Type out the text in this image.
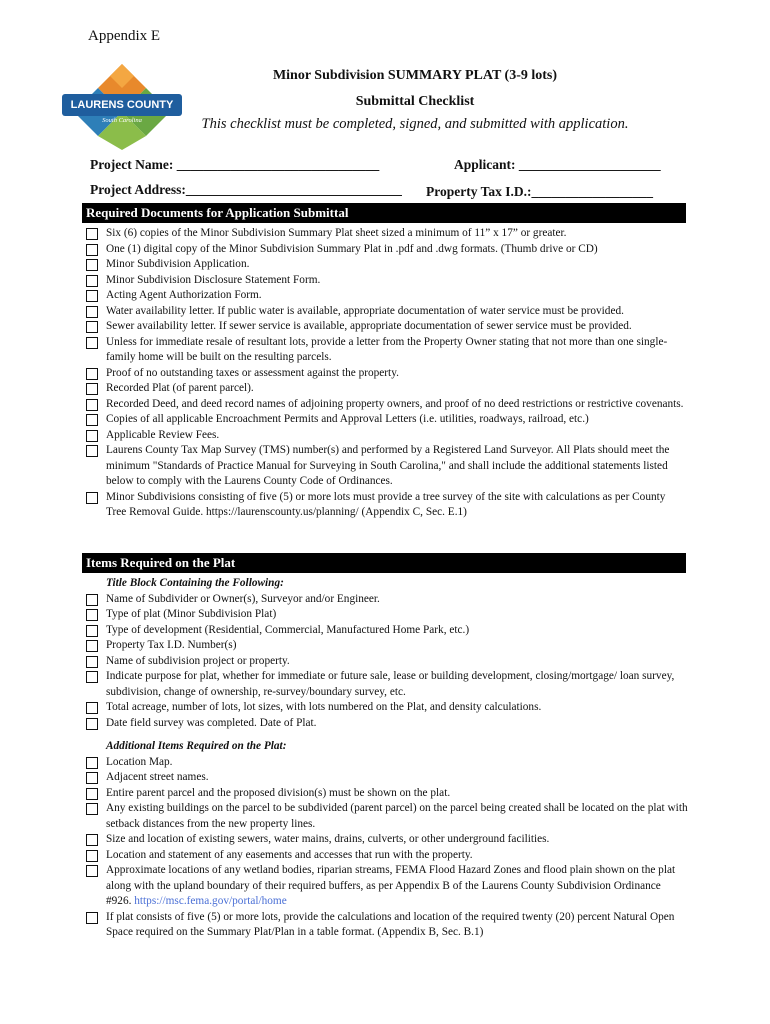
Appendix E
LAURENS COUNTY
South Carolina

Minor Subdivision SUMMARY PLAT (3-9 lots)

Submittal Checklist

This checklist must be completed, signed, and submitted with application.

Project Name: ______________________________	Applicant: _____________________
Project Address:________________________________ Property Tax I.D.:__________________
Required Documents for Application Submittal
Six (6) copies of the Minor Subdivision Summary Plat sheet sized a minimum of 11” x 17” or greater.
One (1) digital copy of the Minor Subdivision Summary Plat in .pdf and .dwg formats. (Thumb drive or CD)
Minor Subdivision Application.
Minor Subdivision Disclosure Statement Form.
Acting Agent Authorization Form.
Water availability letter. If public water is available, appropriate documentation of water service must be provided.
Sewer availability letter. If sewer service is available, appropriate documentation of sewer service must be provided.
Unless for immediate resale of resultant lots, provide a letter from the Property Owner stating that not more than one single-family home will be built on the resulting parcels.
Proof of no outstanding taxes or assessment against the property.
Recorded Plat (of parent parcel).
Recorded Deed, and deed record names of adjoining property owners, and proof of no deed restrictions or restrictive covenants.
Copies of all applicable Encroachment Permits and Approval Letters (i.e. utilities, roadways, railroad, etc.)
Applicable Review Fees.
Laurens County Tax Map Survey (TMS) number(s) and performed by a Registered Land Surveyor. All Plats should meet the minimum "Standards of Practice Manual for Surveying in South Carolina," and shall include the additional statements listed below to comply with the Laurens County Code of Ordinances.
Minor Subdivisions consisting of five (5) or more lots must provide a tree survey of the site with calculations as per County Tree Removal Guide. https://laurenscounty.us/planning/ (Appendix C, Sec. E.1)
Items Required on the Plat
Title Block Containing the Following:
Name of Subdivider or Owner(s), Surveyor and/or Engineer.
Type of plat (Minor Subdivision Plat)
Type of development (Residential, Commercial, Manufactured Home Park, etc.)
Property Tax I.D. Number(s)
Name of subdivision project or property.
Indicate purpose for plat, whether for immediate or future sale, lease or building development, closing/mortgage/ loan survey, subdivision, change of ownership, re-survey/boundary survey, etc.
Total acreage, number of lots, lot sizes, with lots numbered on the Plat, and density calculations.
Date field survey was completed. Date of Plat.
Additional Items Required on the Plat:
Location Map.
Adjacent street names.
Entire parent parcel and the proposed division(s) must be shown on the plat.
Any existing buildings on the parcel to be subdivided (parent parcel) on the parcel being created shall be located on the plat with setback distances from the new property lines.
Size and location of existing sewers, water mains, drains, culverts, or other underground facilities.
Location and statement of any easements and accesses that run with the property.
Approximate locations of any wetland bodies, riparian streams, FEMA Flood Hazard Zones and flood plain shown on the plat along with the upland boundary of their required buffers, as per Appendix B of the Laurens County Subdivision Ordinance #926. https://msc.fema.gov/portal/home
If plat consists of five (5) or more lots, provide the calculations and location of the required twenty (20) percent Natural Open Space required on the Summary Plat/Plan in a table format. (Appendix B, Sec. B.1)
